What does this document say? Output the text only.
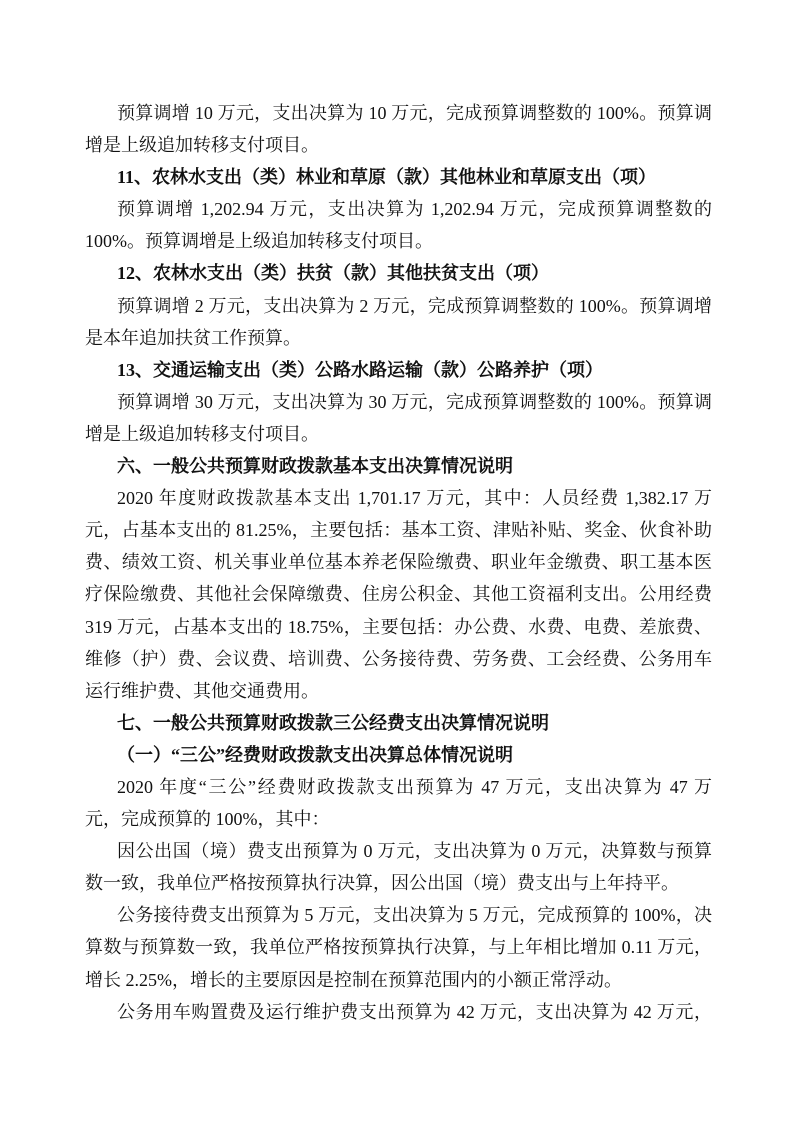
预算调增 10 万元，支出决算为 10 万元，完成预算调整数的 100%。预算调
增是上级追加转移支付项目。
11、农林水支出（类）林业和草原（款）其他林业和草原支出（项）
预算调增 1,202.94 万元，支出决算为 1,202.94 万元，完成预算调整数的
100%。预算调增是上级追加转移支付项目。
12、农林水支出（类）扶贫（款）其他扶贫支出（项）
预算调增 2 万元，支出决算为 2 万元，完成预算调整数的 100%。预算调增
是本年追加扶贫工作预算。
13、交通运输支出（类）公路水路运输（款）公路养护（项）
预算调增 30 万元，支出决算为 30 万元，完成预算调整数的 100%。预算调
增是上级追加转移支付项目。
六、一般公共预算财政拨款基本支出决算情况说明
2020 年度财政拨款基本支出 1,701.17 万元，其中：人员经费 1,382.17 万
元，占基本支出的 81.25%，主要包括：基本工资、津贴补贴、奖金、伙食补助
费、绩效工资、机关事业单位基本养老保险缴费、职业年金缴费、职工基本医
疗保险缴费、其他社会保障缴费、住房公积金、其他工资福利支出。公用经费
319 万元，占基本支出的 18.75%，主要包括：办公费、水费、电费、差旅费、
维修（护）费、会议费、培训费、公务接待费、劳务费、工会经费、公务用车
运行维护费、其他交通费用。
七、一般公共预算财政拨款三公经费支出决算情况说明
（一）“三公”经费财政拨款支出决算总体情况说明
2020 年度“三公”经费财政拨款支出预算为 47 万元，支出决算为 47 万
元，完成预算的 100%，其中：
因公出国（境）费支出预算为 0 万元，支出决算为 0 万元，决算数与预算
数一致，我单位严格按预算执行决算，因公出国（境）费支出与上年持平。
公务接待费支出预算为 5 万元，支出决算为 5 万元，完成预算的 100%，决
算数与预算数一致，我单位严格按预算执行决算，与上年相比增加 0.11 万元，
增长 2.25%，增长的主要原因是控制在预算范围内的小额正常浮动。
公务用车购置费及运行维护费支出预算为 42 万元，支出决算为 42 万元，
